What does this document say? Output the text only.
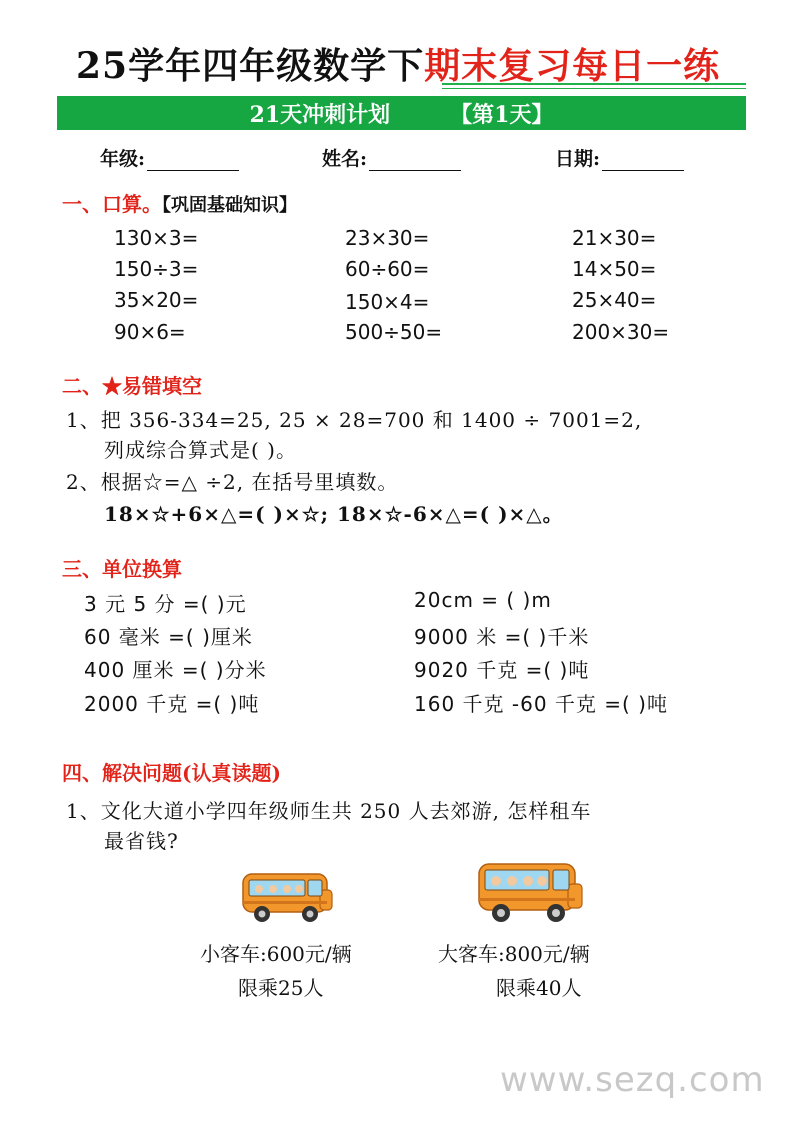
25学年四年级数学下期末复习每日一练
21天冲刺计划	【第1天】
年级:	姓名:	日期:
一、口算。【巩固基础知识】
130×3=	23×30=	21×30=
150÷3=	60÷60=	14×50=
35×20=	150×4=	25×40=
90×6=	500÷50=	200×30=
二、★易错填空
1、把 356-334=25, 25 × 28=700 和 1400 ÷ 7001=2,
列成综合算式是( )。
2、根据☆=△ ÷2, 在括号里填数。
18×☆+6×△=( )×☆; 18×☆-6×△=( )×△。
三、单位换算
3 元 5 分 =( )元	20cm = ( )m
60 毫米 =( )厘米	9000 米 =( )千米
400 厘米 =( )分米	9020 千克 =( )吨
2000 千克 =( )吨	160 千克 -60 千克 =( )吨
四、解决问题(认真读题)
1、文化大道小学四年级师生共 250 人去郊游, 怎样租车
最省钱?
小客车:600元/辆
限乘25人
大客车:800元/辆
限乘40人
www.sezq.com
